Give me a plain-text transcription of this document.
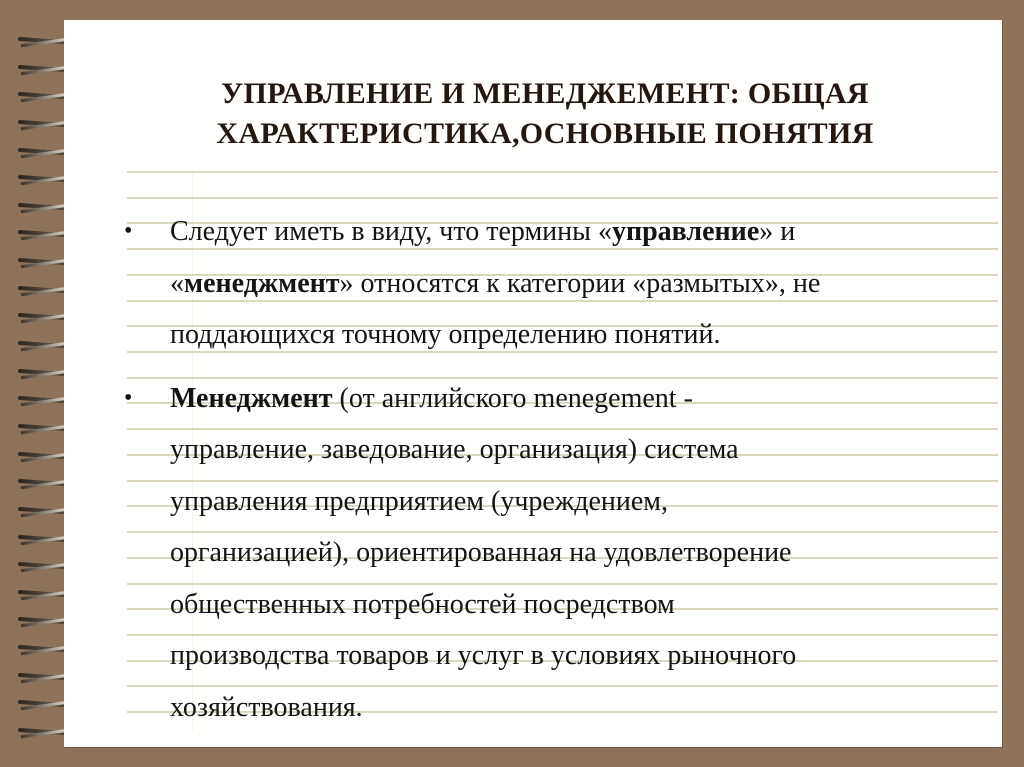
УПРАВЛЕНИЕ И МЕНЕДЖЕМЕНТ: ОБЩАЯ
ХАРАКТЕРИСТИКА,ОСНОВНЫЕ ПОНЯТИЯ
• Следует иметь в виду, что термины «управление» и
«менеджмент» относятся к категории «размытых», не
поддающихся точному определению понятий.
• Менеджмент (от английского menegement -
управление, заведование, организация) система
управления предприятием (учреждением,
организацией), ориентированная на удовлетворение
общественных потребностей посредством
производства товаров и услуг в условиях рыночного
хозяйствования.
